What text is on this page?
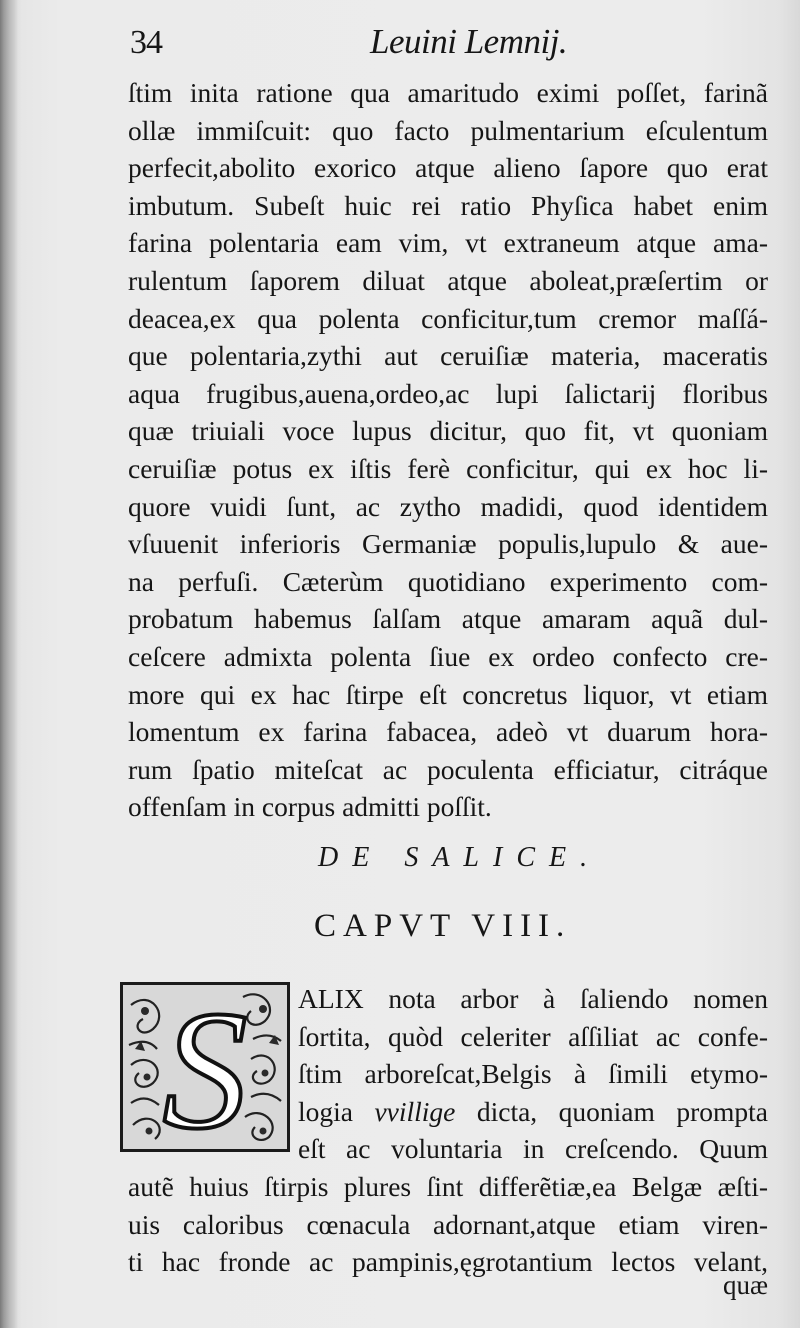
34	Leuini Lemnij.
ſtim inita ratione qua amaritudo eximi poſſet, farinã
ollæ immiſcuit: quo facto pulmentarium eſculentum
perfecit,abolito exorico atque alieno ſapore quo erat
imbutum. Subeſt huic rei ratio Phyſica habet enim
farina polentaria eam vim, vt extraneum atque ama-
rulentum ſaporem diluat atque aboleat,præſertim or
deacea,ex qua polenta conficitur,tum cremor maſſá-
que polentaria,zythi aut ceruiſiæ materia, maceratis
aqua frugibus,auena,ordeo,ac lupi ſalictarij floribus
quæ triuiali voce lupus dicitur, quo fit, vt quoniam
ceruiſiæ potus ex iſtis ferè conficitur, qui ex hoc li-
quore vuidi ſunt, ac zytho madidi, quod identidem
vſuuenit inferioris Germaniæ populis,lupulo & aue-
na perfuſi. Cæterùm quotidiano experimento com-
probatum habemus ſalſam atque amaram aquã dul-
ceſcere admixta polenta ſiue ex ordeo confecto cre-
more qui ex hac ſtirpe eſt concretus liquor, vt etiam
lomentum ex farina fabacea, adeò vt duarum hora-
rum ſpatio miteſcat ac poculenta efficiatur, citráque
offenſam in corpus admitti poſſit.
DE SALICE.
CAPVT VIII.
S ALIX nota arbor à ſaliendo nomen
ſortita, quòd celeriter aſſiliat ac confe-
ſtim arboreſcat,Belgis à ſimili etymo-
logia vvillige dicta, quoniam prompta
eſt ac voluntaria in creſcendo. Quum
autẽ huius ſtirpis plures ſint differẽtiæ,ea Belgæ æſti-
uis caloribus cœnacula adornant,atque etiam viren-
ti hac fronde ac pampinis,ęgrotantium lectos velant,
quæ
